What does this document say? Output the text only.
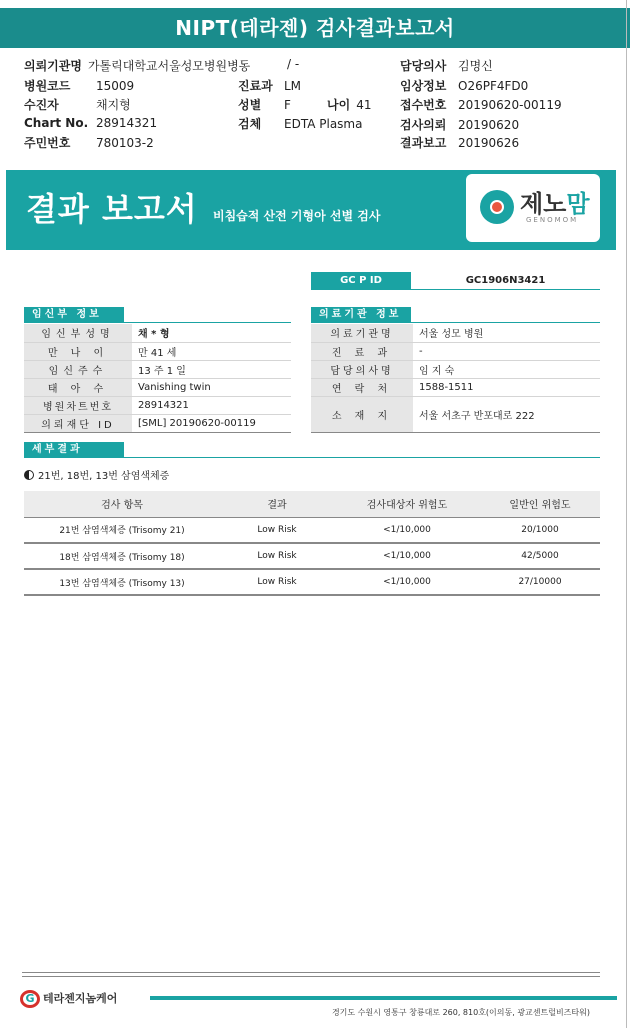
NIPT(테라젠) 검사결과보고서
의뢰기관명 가톨릭대학교서울성모병원병동	/ -
병원코드 15009
수진자	채지형
Chart No. 28914321
주민번호 780103-2
진료과 LM
성별 F	나이 41
검체 EDTA Plasma
담당의사 김명신
임상정보 O26PF4FD0
접수번호 20190620-00119
검사의뢰 20190620
결과보고 20190626
결과 보고서 비침습적 산전 기형아 선별 검사	제노맘
GENOMOM
GC P ID	GC1906N3421
임신부 정보
임신부성명	채 * 형
만 나 이	만 41 세
임신주수	13 주 1 일
태 아 수	Vanishing twin
병원차트번호	28914321
의뢰재단 ID	[SML] 20190620-00119
의료기관 정보
의료기관명	서울 성모 병원
진 료 과	-
담당의사명	임 지 숙
연 락 처	1588-1511
소 재 지	서울 서초구 반포대로 222
세부결과
21번, 18번, 13번 삼염색체증
검사 항목	결과	검사대상자 위험도	일반인 위험도
21번 삼염색체증 (Trisomy 21)	Low Risk	<1/10,000	20/1000
18번 삼염색체증 (Trisomy 18)	Low Risk	<1/10,000	42/5000
13번 삼염색체증 (Trisomy 13)	Low Risk	<1/10,000	27/10000
G 테라젠지놈케어
경기도 수원시 영통구 창룡대로 260, 810호(이의동, 광교센트럴비즈타워)
